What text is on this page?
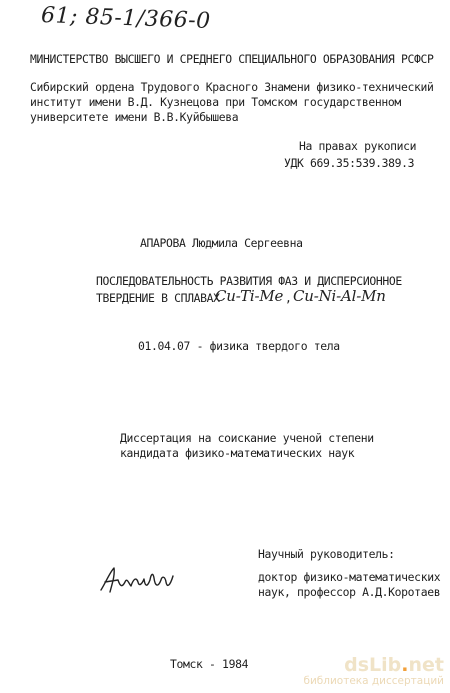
61; 85-1/366-0
МИНИСТЕРСТВО ВЫСШЕГО И СРЕДНЕГО СПЕЦИАЛЬНОГО ОБРАЗОВАНИЯ РСФСР
Сибирский ордена Трудового Красного Знамени физико-технический
институт имени В.Д. Кузнецова при Томском государственном
университете имени В.В.Куйбышева
На правах рукописи
УДК 669.35:539.389.3
АПАРОВА Людмила Сергеевна
ПОСЛЕДОВАТЕЛЬНОСТЬ РАЗВИТИЯ ФАЗ И ДИСПЕРСИОННОЕ
ТВЕРДЕНИЕ В СПЛАВАХ
Cu-Ti-Me , Cu-Ni-Al-Mn
01.04.07 - физика твердого тела
Диссертация на соискание ученой степени
кандидата физико-математических наук
Научный руководитель:
доктор физико-математических
наук, профессор А.Д.Коротаев
Томск - 1984	dsLib.net
библиотека диссертаций
